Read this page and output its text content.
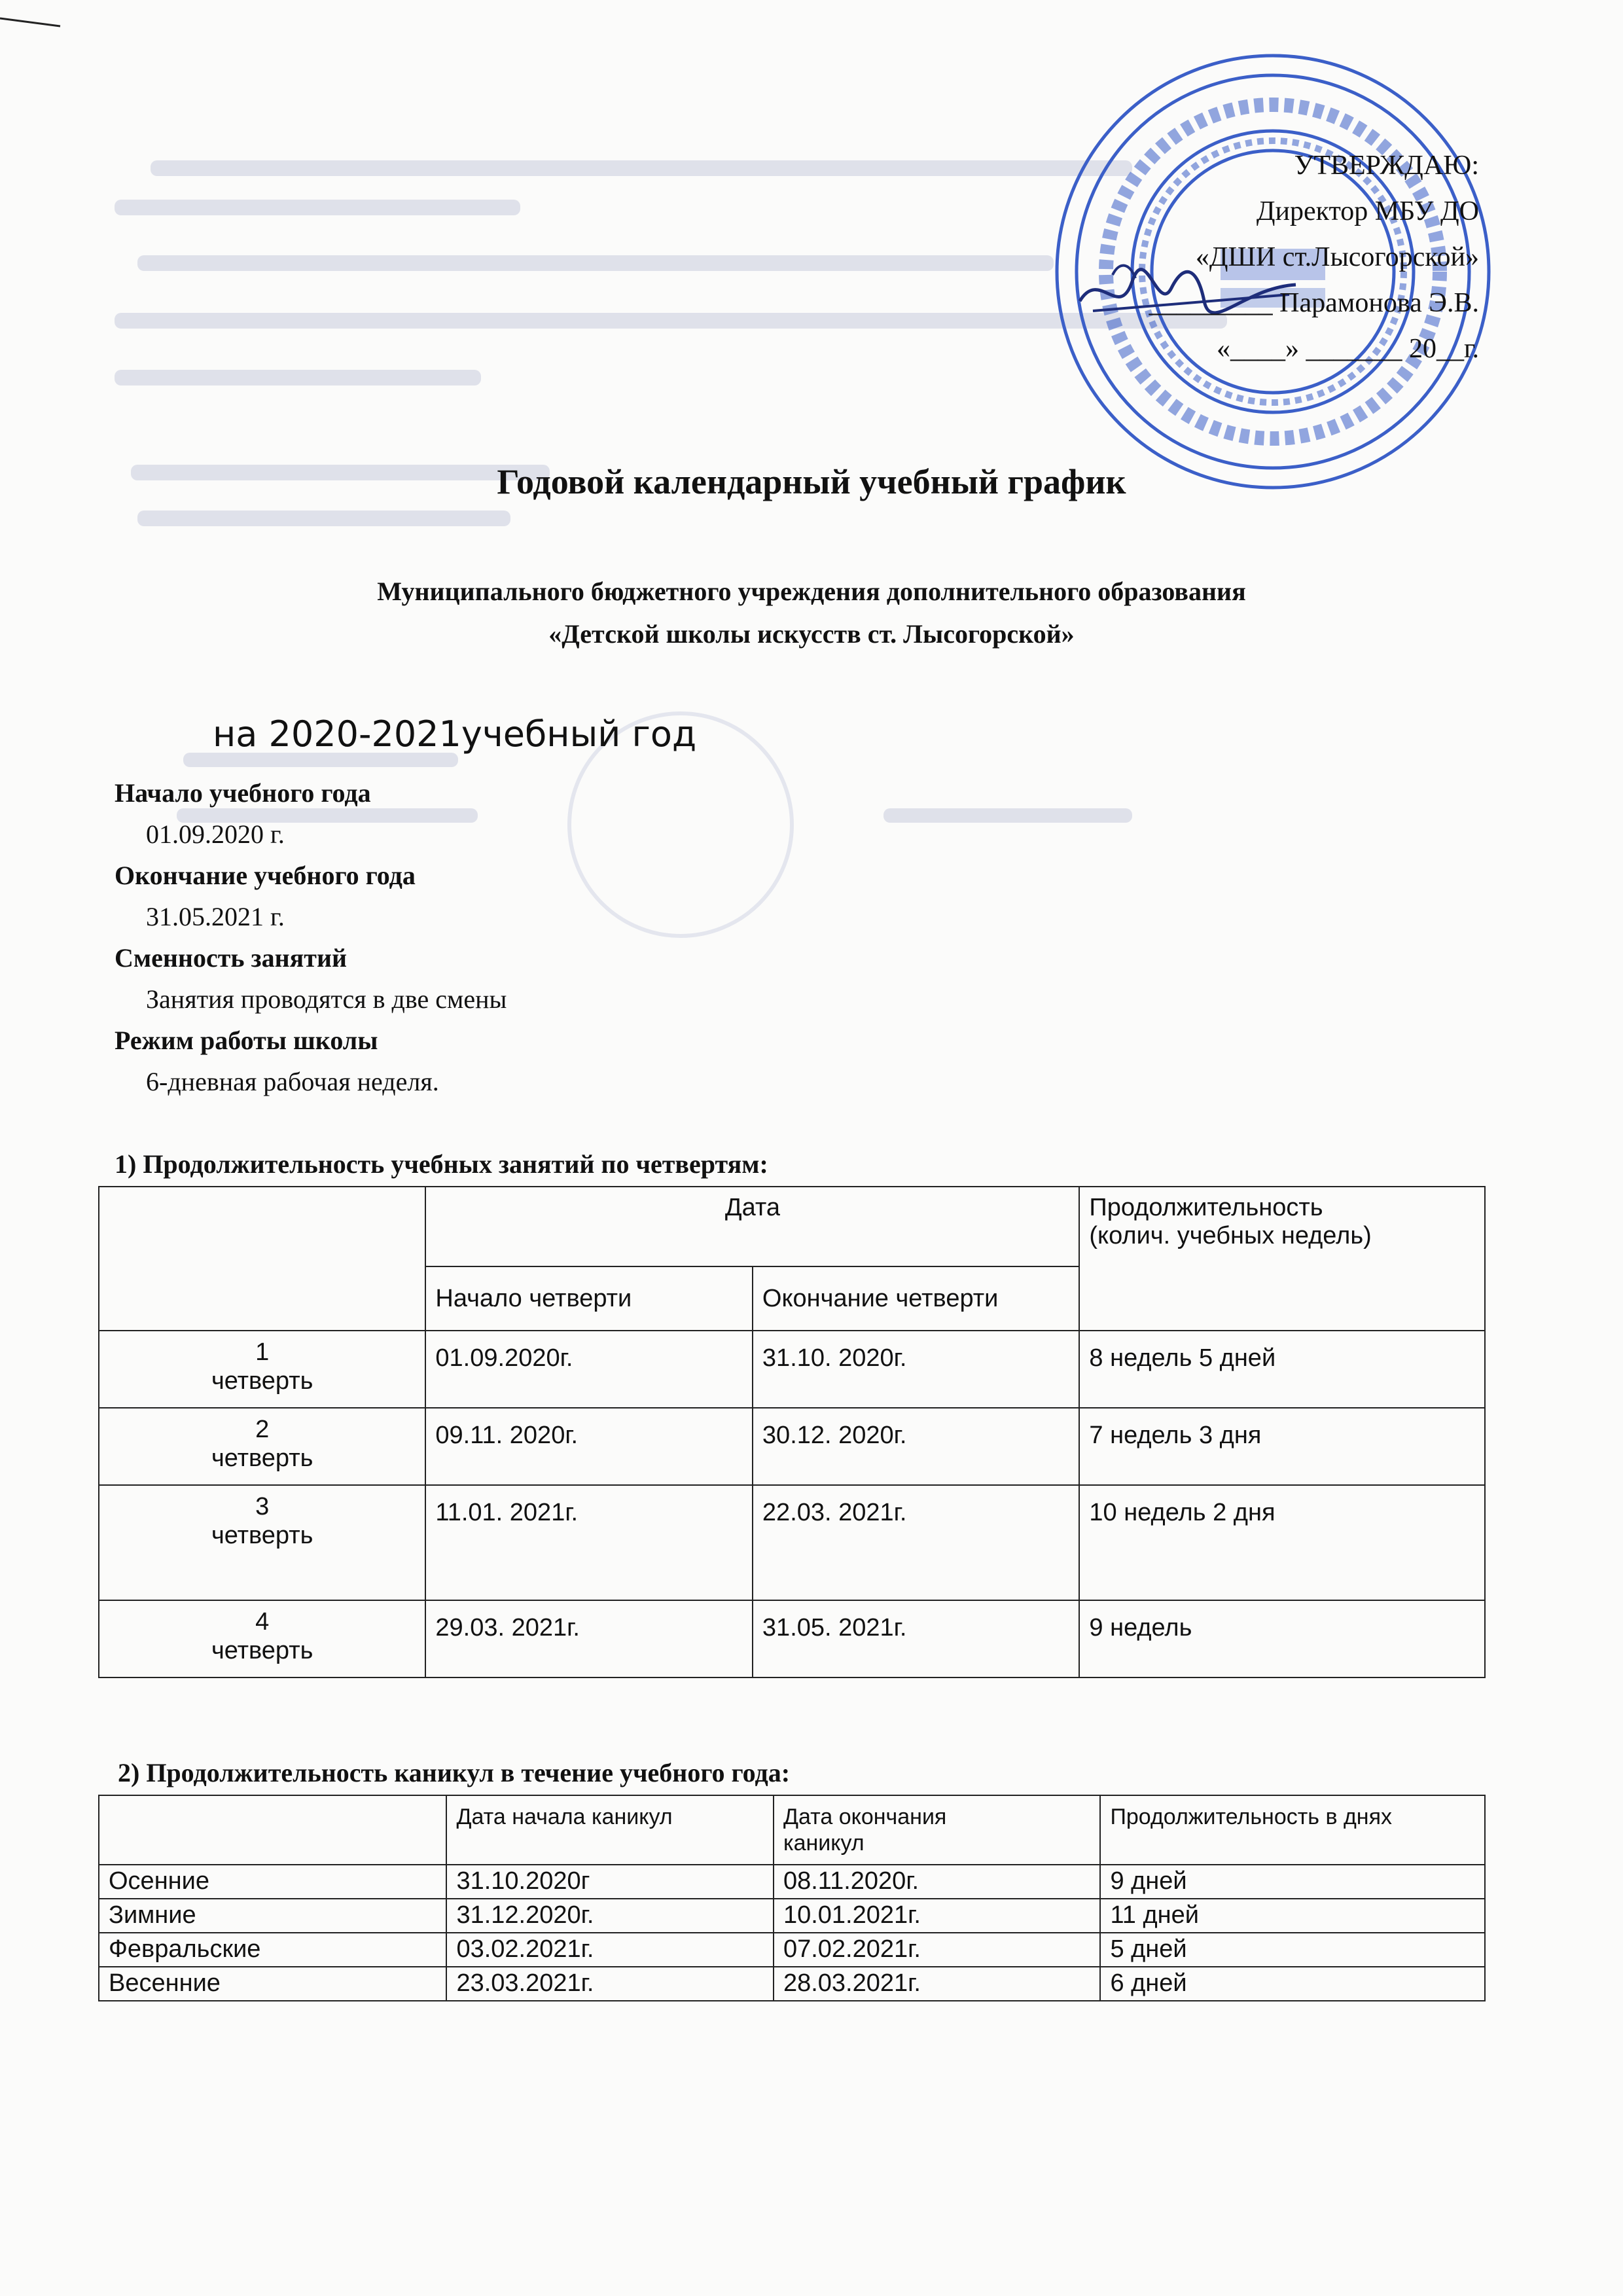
УТВЕРЖДАЮ:
Директор МБУ ДО
«ДШИ ст.Лысогорской»
_________ Парамонова Э.В.
«____» _______ 20__г.
Годовой календарный учебный график
Муниципального бюджетного учреждения дополнительного образования
«Детской школы искусств ст. Лысогорской»
на 2020-2021учебный год
Начало учебного года
01.09.2020 г.
Окончание учебного года
31.05.2021 г.
Сменность занятий
Занятия проводятся в две смены
Режим работы школы
6-дневная рабочая неделя.
1) Продолжительность учебных занятий по четвертям:
	Дата		Продолжительность
(колич. учебных недель)

	Начало четверти	Окончание четверти	

1
четверть	01.09.2020г.	31.10. 2020г.	8 недель 5 дней

2
четверть	09.11. 2020г.	30.12. 2020г.	7 недель 3 дня

3
четверть	11.01. 2021г.	22.03. 2021г.	10 недель 2 дня

4
четверть	29.03. 2021г.	31.05. 2021г.	9 недель
2) Продолжительность каникул в течение учебного года:
	Дата начала каникул	Дата окончания
каникул	Продолжительность в днях
Осенние	31.10.2020г	08.11.2020г.	9 дней
Зимние	31.12.2020г.	10.01.2021г.	11 дней
Февральские	03.02.2021г.	07.02.2021г.	5 дней
Весенние	23.03.2021г.	28.03.2021г.	6 дней
